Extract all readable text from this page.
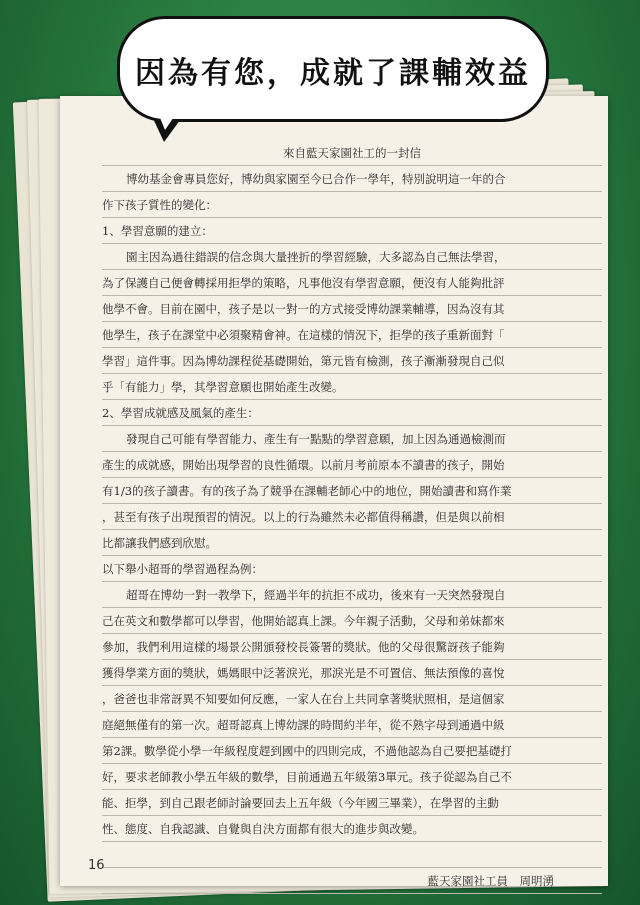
因為有您，成就了課輔效益
來自藍天家園社工的一封信
博幼基金會專員您好，博幼與家園至今已合作一學年，特別說明這一年的合
作下孩子質性的變化：
1、學習意願的建立：
園主因為過往錯誤的信念與大量挫折的學習經驗，大多認為自己無法學習，
為了保護自己便會轉採用拒學的策略，凡事他沒有學習意願，便沒有人能夠批評
他學不會。目前在園中，孩子是以一對一的方式接受博幼課業輔導，因為沒有其
他學生，孩子在課堂中必須聚精會神。在這樣的情況下，拒學的孩子重新面對「
學習」這件事。因為博幼課程從基礎開始，第元皆有檢測，孩子漸漸發現自己似
乎「有能力」學，其學習意願也開始產生改變。
2、學習成就感及風氣的產生：
發現自己可能有學習能力、產生有一點點的學習意願，加上因為通過檢測而
產生的成就感，開始出現學習的良性循環。以前月考前原本不讀書的孩子，開始
有1/3的孩子讀書。有的孩子為了競爭在課輔老師心中的地位，開始讀書和寫作業
，甚至有孩子出現預習的情況。以上的行為雖然未必都值得稱讚，但是與以前相
比都讓我們感到欣慰。
以下舉小超哥的學習過程為例：
超哥在博幼一對一教學下，經過半年的抗拒不成功，後來有一天突然發現自
己在英文和數學都可以學習，他開始認真上課。今年親子活動，父母和弟妹都來
參加，我們利用這樣的場景公開頒發校長簽署的獎狀。他的父母很驚訝孩子能夠
獲得學業方面的獎狀，媽媽眼中泛著淚光，那淚光是不可置信、無法預像的喜悅
，爸爸也非常訝異不知要如何反應，一家人在台上共同拿著獎狀照相，是這個家
庭絕無僅有的第一次。超哥認真上博幼課的時間約半年，從不熟字母到通過中級
第2課。數學從小學一年級程度趕到國中的四則完成，不過他認為自己要把基礎打
好，要求老師教小學五年級的數學，目前通過五年級第3單元。孩子從認為自己不
能、拒學，到自己跟老師討論要回去上五年級（今年國三畢業），在學習的主動
性、態度、自我認識、自覺與自決方面都有很大的進步與改變。
藍天家園社工員　周明湧
16
